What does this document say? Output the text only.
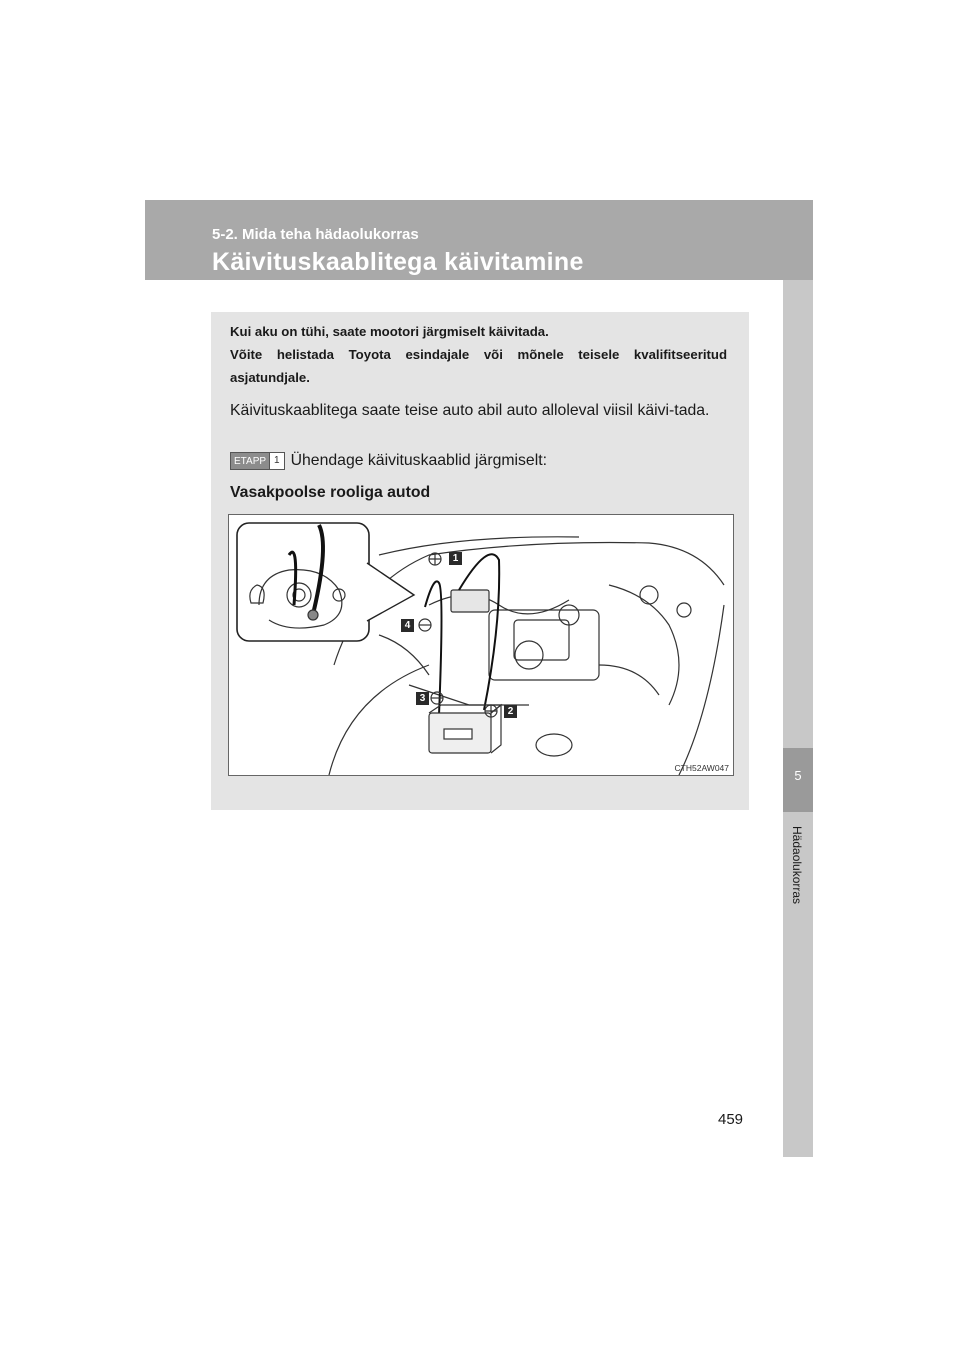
5-2. Mida teha hädaolukorras
Käivituskaablitega käivitamine
5
Hädaolukorras
459

Kui aku on tühi, saate mootori järgmiselt käivitada.

Võite helistada Toyota esindajale või mõnele teisele kvalifitseeritud asjatundjale.

Käivituskaablitega saate teise auto abil auto alloleval viisil käivi-tada.

ETAPP 1 Ühendage käivituskaablid järgmiselt:
Vasakpoolse rooliga autod
1
2
3
4
CTH52AW047
